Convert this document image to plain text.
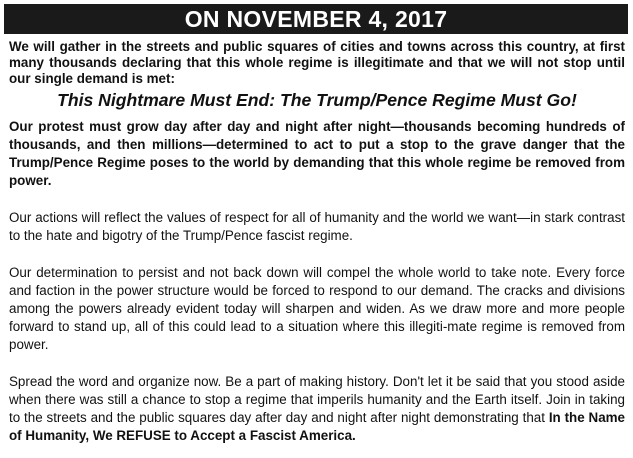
ON NOVEMBER 4, 2017

We will gather in the streets and public squares of cities and towns across this country, at first many thousands declaring that this whole regime is illegitimate and that we will not stop until our single demand is met:

This Nightmare Must End: The Trump/Pence Regime Must Go!

Our protest must grow day after day and night after night—thousands becoming hundreds of thousands, and then millions—determined to act to put a stop to the grave danger that the Trump/Pence Regime poses to the world by demanding that this whole regime be removed from power.

Our actions will reflect the values of respect for all of humanity and the world we want—in stark contrast to the hate and bigotry of the Trump/Pence fascist regime.

Our determination to persist and not back down will compel the whole world to take note. Every force and faction in the power structure would be forced to respond to our demand. The cracks and divisions among the powers already evident today will sharpen and widen. As we draw more and more people forward to stand up, all of this could lead to a situation where this illegiti-mate regime is removed from power.

Spread the word and organize now. Be a part of making history. Don't let it be said that you stood aside when there was still a chance to stop a regime that imperils humanity and the Earth itself. Join in taking to the streets and the public squares day after day and night after night demonstrating that In the Name of Humanity, We REFUSE to Accept a Fascist America.
